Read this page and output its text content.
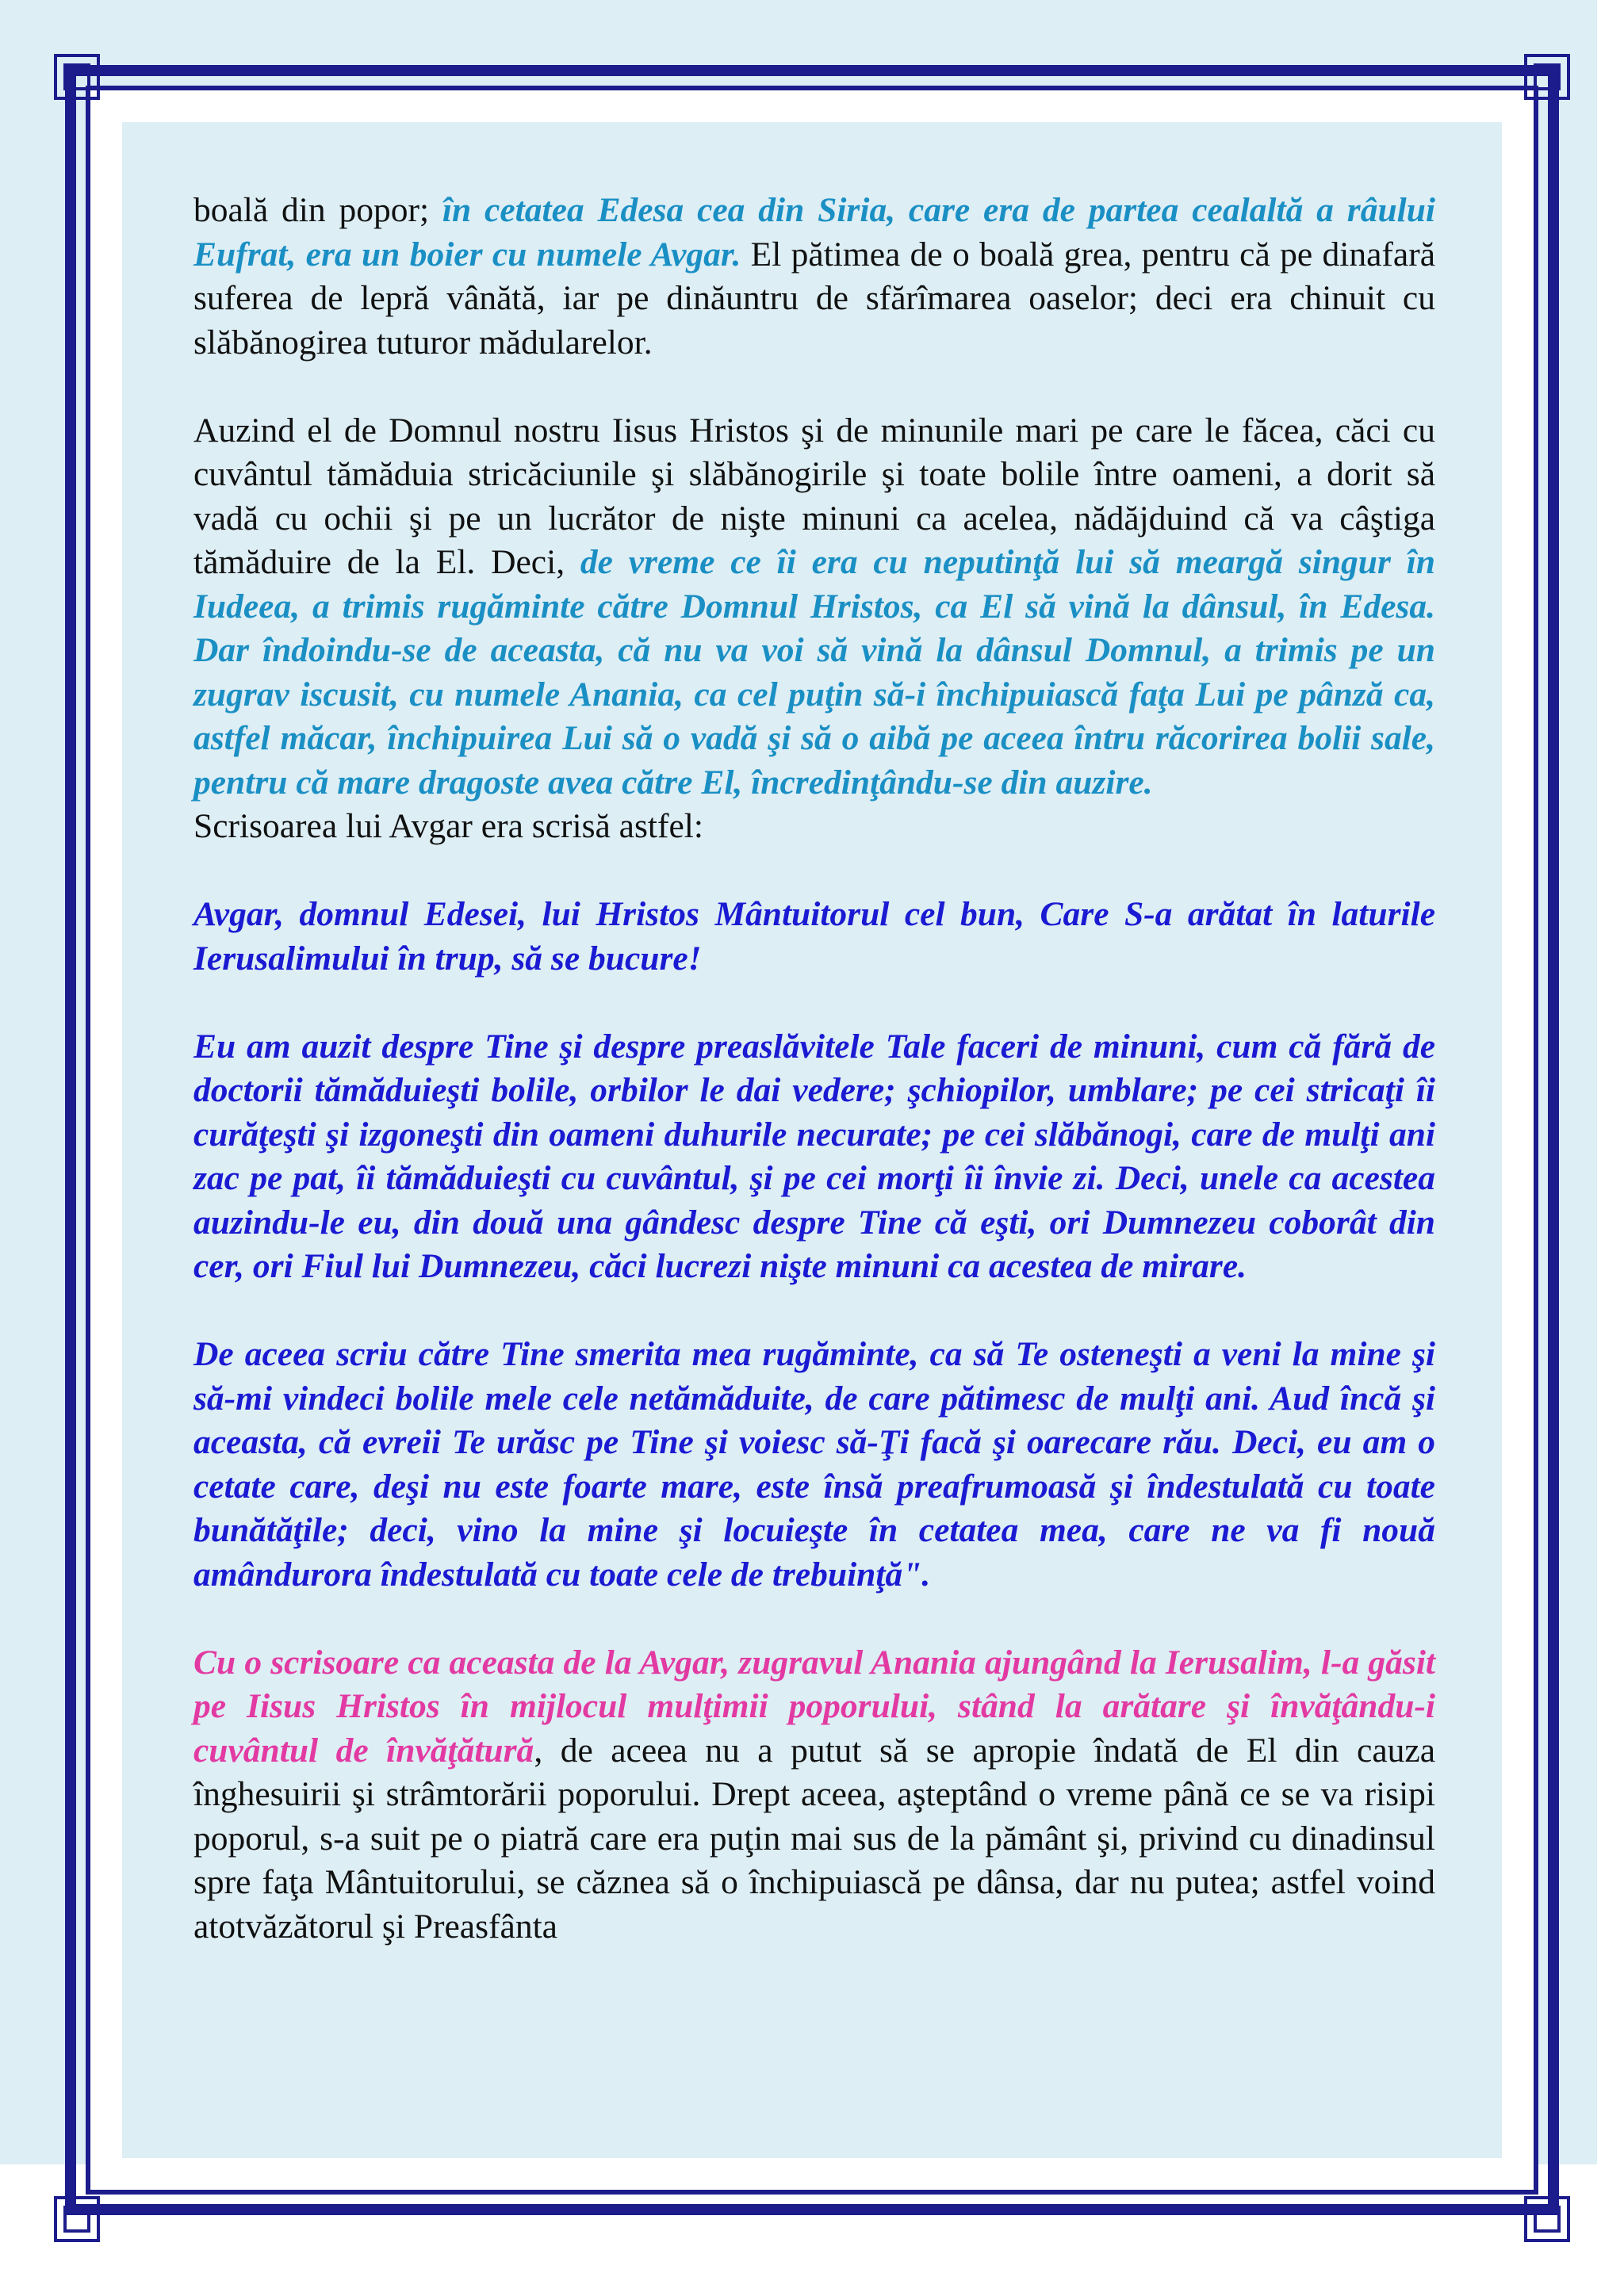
boală din popor; în cetatea Edesa cea din Siria, care era de partea cealaltă a râului Eufrat, era un boier cu numele Avgar. El pătimea de o boală grea, pentru că pe dinafară suferea de lepră vânătă, iar pe dinăuntru de sfărîmarea oaselor; deci era chinuit cu slăbănogirea tuturor mădularelor.

Auzind el de Domnul nostru Iisus Hristos şi de minunile mari pe care le făcea, căci cu cuvântul tămăduia stricăciunile şi slăbănogirile şi toate bolile între oameni, a dorit să vadă cu ochii şi pe un lucrător de nişte minuni ca acelea, nădăjduind că va câştiga tămăduire de la El. Deci, de vreme ce îi era cu neputinţă lui să meargă singur în Iudeea, a trimis rugăminte către Domnul Hristos, ca El să vină la dânsul, în Edesa. Dar îndoindu-se de aceasta, că nu va voi să vină la dânsul Domnul, a trimis pe un zugrav iscusit, cu numele Anania, ca cel puţin să-i închipuiască faţa Lui pe pânză ca, astfel măcar, închipuirea Lui să o vadă şi să o aibă pe aceea întru răcorirea bolii sale, pentru că mare dragoste avea către El, încredinţându-se din auzire.

Scrisoarea lui Avgar era scrisă astfel:

Avgar, domnul Edesei, lui Hristos Mântuitorul cel bun, Care S-a arătat în laturile Ierusalimului în trup, să se bucure!

Eu am auzit despre Tine şi despre preaslăvitele Tale faceri de minuni, cum că fără de doctorii tămăduieşti bolile, orbilor le dai vedere; şchiopilor, umblare; pe cei stricaţi îi curăţeşti şi izgoneşti din oameni duhurile necurate; pe cei slăbănogi, care de mulţi ani zac pe pat, îi tămăduieşti cu cuvântul, şi pe cei morţi îi învie zi. Deci, unele ca acestea auzindu-le eu, din două una gândesc despre Tine că eşti, ori Dumnezeu coborât din cer, ori Fiul lui Dumnezeu, căci lucrezi nişte minuni ca acestea de mirare.

De aceea scriu către Tine smerita mea rugăminte, ca să Te osteneşti a veni la mine şi să-mi vindeci bolile mele cele netămăduite, de care pătimesc de mulţi ani. Aud încă şi aceasta, că evreii Te urăsc pe Tine şi voiesc să-Ţi facă şi oarecare rău. Deci, eu am o cetate care, deşi nu este foarte mare, este însă preafrumoasă şi îndestulată cu toate bunătăţile; deci, vino la mine şi locuieşte în cetatea mea, care ne va fi nouă amândurora îndestulată cu toate cele de trebuinţă".

Cu o scrisoare ca aceasta de la Avgar, zugravul Anania ajungând la Ierusalim, l-a găsit pe Iisus Hristos în mijlocul mulţimii poporului, stând la arătare şi învăţându-i cuvântul de învăţătură, de aceea nu a putut să se apropie îndată de El din cauza înghesuirii şi strâmtorării poporului. Drept aceea, aşteptând o vreme până ce se va risipi poporul, s-a suit pe o piatră care era puţin mai sus de la pământ şi, privind cu dinadinsul spre faţa Mântuitorului, se căznea să o închipuiască pe dânsa, dar nu putea; astfel voind atotvăzătorul şi Preasfânta
